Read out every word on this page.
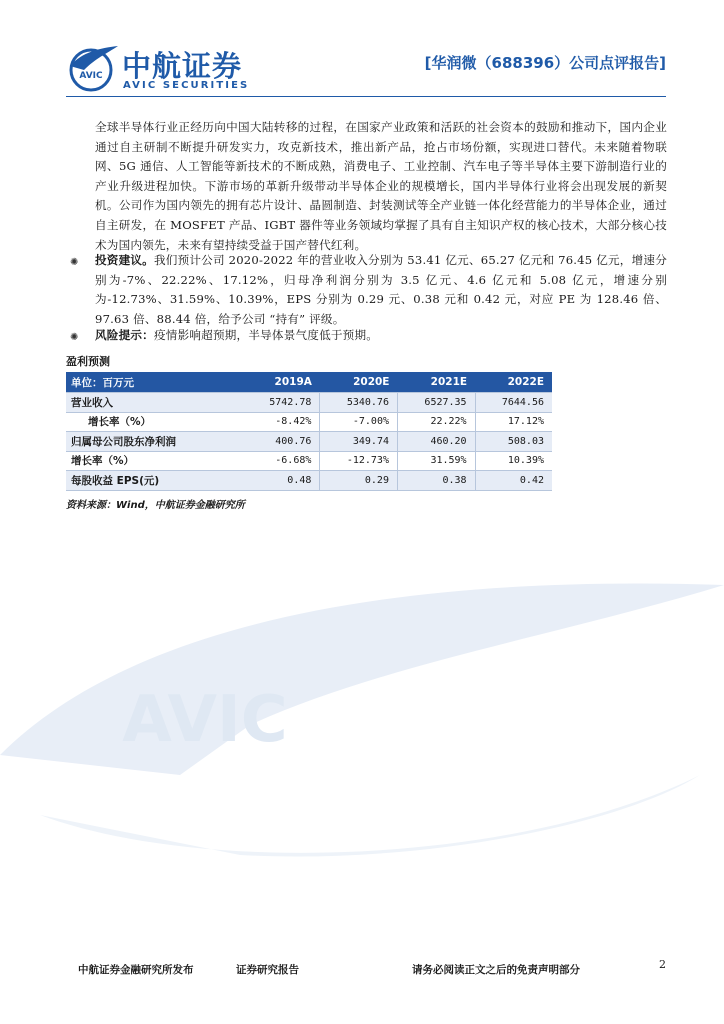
AVIC 中航证券
AVIC SECURITIES
[华润微（688396）公司点评报告]
AVIC

全球半导体行业正经历向中国大陆转移的过程，在国家产业政策和活跃的社会资本的鼓励和推动下，国内企业通过自主研制不断提升研发实力，攻克新技术，推出新产品，抢占市场份额，实现进口替代。未来随着物联网、5G 通信、人工智能等新技术的不断成熟，消费电子、工业控制、汽车电子等半导体主要下游制造行业的产业升级进程加快。下游市场的革新升级带动半导体企业的规模增长，国内半导体行业将会出现发展的新契机。公司作为国内领先的拥有芯片设计、晶圆制造、封装测试等全产业链一体化经营能力的半导体企业，通过自主研发，在 MOSFET 产品、IGBT 器件等业务领域均掌握了具有自主知识产权的核心技术，大部分核心技术为国内领先，未来有望持续受益于国产替代红利。

✺ 投资建议。我们预计公司 2020-2022 年的营业收入分别为 53.41 亿元、65.27 亿元和 76.45 亿元，增速分别为-7%、22.22%、17.12%，归母净利润分别为 3.5 亿元、4.6 亿元和 5.08 亿元，增速分别为-12.73%、31.59%、10.39%，EPS 分别为 0.29 元、0.38 元和 0.42 元，对应 PE 为 128.46 倍、97.63 倍、88.44 倍，给予公司 “持有” 评级。

✺ 风险提示：疫情影响超预期，半导体景气度低于预期。

盈利预测
单位：百万元	2019A	2020E	2021E	2022E
营业收入	5742.78	5340.76	6527.35	7644.56
增长率（%）	-8.42%	-7.00%	22.22%	17.12%
归属母公司股东净利润	400.76	349.74	460.20	508.03
增长率（%）	-6.68%	-12.73%	31.59%	10.39%
每股收益 EPS(元)	0.48	0.29	0.38	0.42
资料来源：Wind，中航证券金融研究所
中航证券金融研究所发布	证券研究报告	请务必阅读正文之后的免责声明部分	2
